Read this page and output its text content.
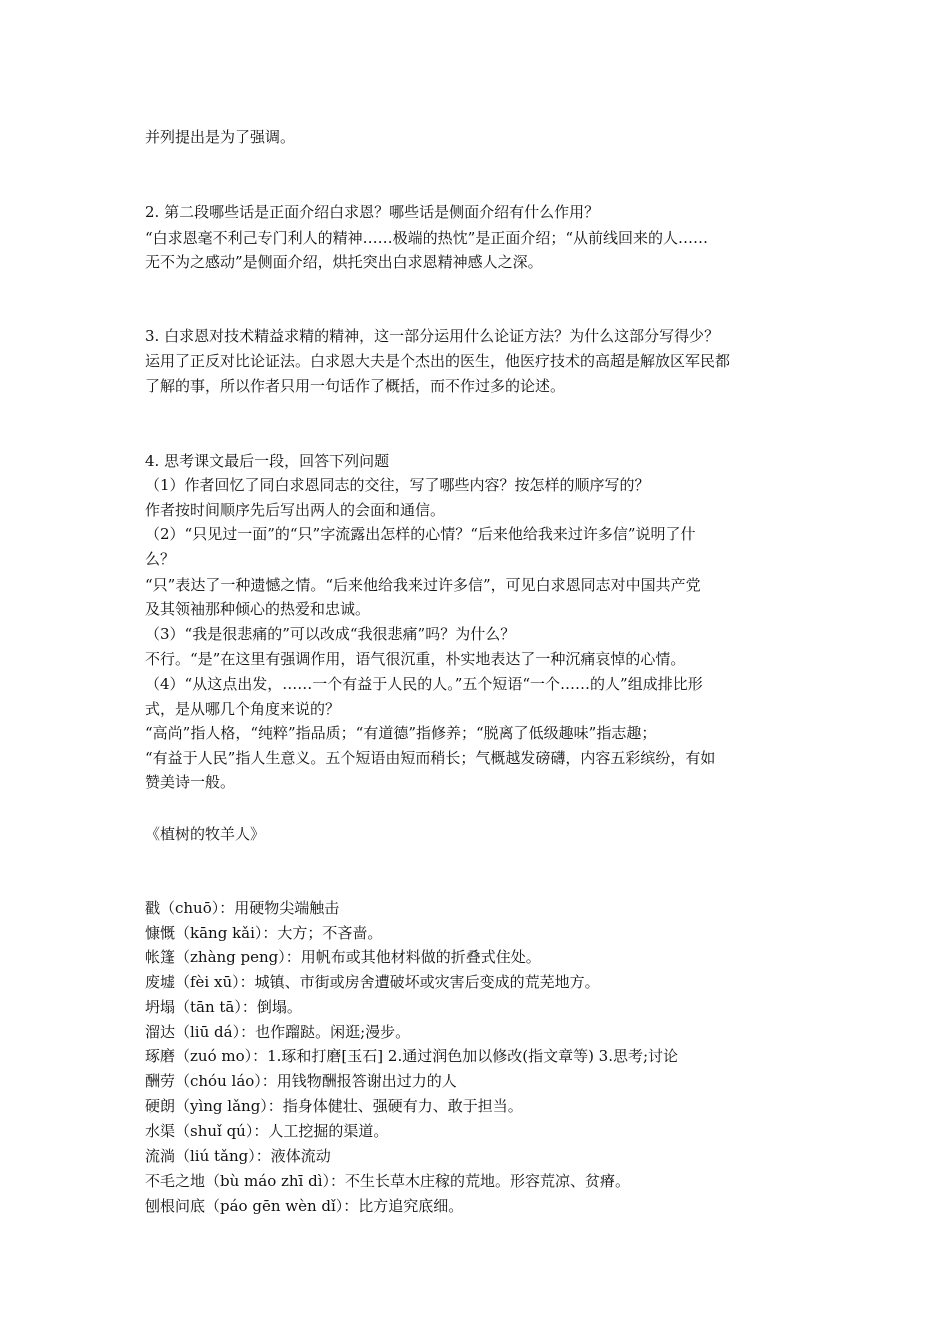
并列提出是为了强调。
2. 第二段哪些话是正面介绍白求恩？哪些话是侧面介绍有什么作用？
“白求恩毫不利己专门利人的精神……极端的热忱”是正面介绍；“从前线回来的人……
无不为之感动”是侧面介绍，烘托突出白求恩精神感人之深。
3. 白求恩对技术精益求精的精神，这一部分运用什么论证方法？为什么这部分写得少？
运用了正反对比论证法。白求恩大夫是个杰出的医生，他医疗技术的高超是解放区军民都
了解的事，所以作者只用一句话作了概括，而不作过多的论述。
4. 思考课文最后一段，回答下列问题
（1）作者回忆了同白求恩同志的交往，写了哪些内容？按怎样的顺序写的？
作者按时间顺序先后写出两人的会面和通信。
（2）“只见过一面”的“只”字流露出怎样的心情？“后来他给我来过许多信”说明了什
么？
“只”表达了一种遗憾之情。“后来他给我来过许多信”，可见白求恩同志对中国共产党
及其领袖那种倾心的热爱和忠诚。
（3）“我是很悲痛的”可以改成“我很悲痛”吗？为什么？
不行。“是”在这里有强调作用，语气很沉重，朴实地表达了一种沉痛哀悼的心情。
（4）“从这点出发，……一个有益于人民的人。”五个短语“一个……的人”组成排比形
式，是从哪几个角度来说的？
“高尚”指人格，“纯粹”指品质；“有道德”指修养；“脱离了低级趣味”指志趣；
“有益于人民”指人生意义。五个短语由短而稍长；气概越发磅礴，内容五彩缤纷，有如
赞美诗一般。
《植树的牧羊人》
戳（chuō）：用硬物尖端触击
慷慨（kāng kǎi）：大方；不吝啬。
帐篷（zhàng peng）：用帆布或其他材料做的折叠式住处。
废墟（fèi xū）：城镇、市街或房舍遭破坏或灾害后变成的荒芜地方。
坍塌（tān tā）：倒塌。
溜达（liū dá）：也作蹓跶。闲逛;漫步。
琢磨（zuó mo）：1.琢和打磨[玉石] 2.通过润色加以修改(指文章等) 3.思考;讨论
酬劳（chóu láo）：用钱物酬报答谢出过力的人
硬朗（yìng lǎng）：指身体健壮、强硬有力、敢于担当。
水渠（shuǐ qú）：人工挖掘的渠道。
流淌（liú tǎng）：液体流动
不毛之地（bù máo zhī dì）：不生长草木庄稼的荒地。形容荒凉、贫瘠。
刨根问底（páo gēn wèn dǐ）：比方追究底细。
